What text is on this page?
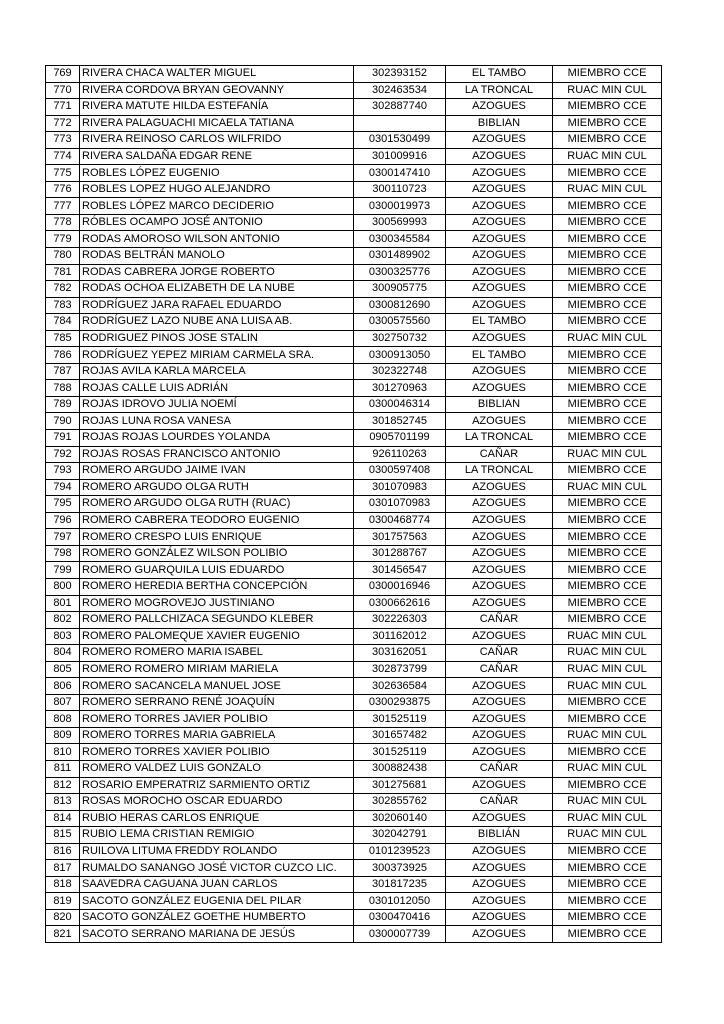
769	RIVERA CHACA WALTER MIGUEL	302393152	EL TAMBO	MIEMBRO CCE
770	RIVERA CORDOVA BRYAN GEOVANNY	302463534	LA TRONCAL	RUAC MIN CUL
771	RIVERA MATUTE HILDA ESTEFANÍA	302887740	AZOGUES	MIEMBRO CCE
772	RIVERA PALAGUACHI MICAELA TATIANA		BIBLIAN	MIEMBRO CCE
773	RIVERA REINOSO CARLOS WILFRIDO	0301530499	AZOGUES	MIEMBRO CCE
774	RIVERA SALDAÑA EDGAR RENE	301009916	AZOGUES	RUAC MIN CUL
775	ROBLES LÓPEZ EUGENIO	0300147410	AZOGUES	MIEMBRO CCE
776	ROBLES LOPEZ HUGO ALEJANDRO	300110723	AZOGUES	RUAC MIN CUL
777	ROBLES LÓPEZ MARCO DECIDERIO	0300019973	AZOGUES	MIEMBRO CCE
778	RÓBLES OCAMPO JOSÉ ANTONIO	300569993	AZOGUES	MIEMBRO CCE
779	RODAS AMOROSO WILSON ANTONIO	0300345584	AZOGUES	MIEMBRO CCE
780	RODAS BELTRÁN MANOLO	0301489902	AZOGUES	MIEMBRO CCE
781	RODAS CABRERA JORGE ROBERTO	0300325776	AZOGUES	MIEMBRO CCE
782	RODAS OCHOA ELIZABETH DE LA NUBE	300905775	AZOGUES	MIEMBRO CCE
783	RODRÍGUEZ JARA RAFAEL EDUARDO	0300812690	AZOGUES	MIEMBRO CCE
784	RODRÍGUEZ LAZO NUBE ANA LUISA AB.	0300575560	EL TAMBO	MIEMBRO CCE
785	RODRIGUEZ PINOS JOSE STALIN	302750732	AZOGUES	RUAC MIN CUL
786	RODRÍGUEZ YEPEZ MIRIAM CARMELA SRA.	0300913050	EL TAMBO	MIEMBRO CCE
787	ROJAS AVILA KARLA MARCELA	302322748	AZOGUES	MIEMBRO CCE
788	ROJAS CALLE LUIS ADRIÁN	301270963	AZOGUES	MIEMBRO CCE
789	ROJAS IDROVO JULIA NOEMÍ	0300046314	BIBLIAN	MIEMBRO CCE
790	ROJAS LUNA ROSA VANESA	301852745	AZOGUES	MIEMBRO CCE
791	ROJAS ROJAS LOURDES YOLANDA	0905701199	LA TRONCAL	MIEMBRO CCE
792	ROJAS ROSAS FRANCISCO ANTONIO	926110263	CAÑAR	RUAC MIN CUL
793	ROMERO ARGUDO JAIME IVAN	0300597408	LA TRONCAL	MIEMBRO CCE
794	ROMERO ARGUDO OLGA RUTH	301070983	AZOGUES	RUAC MIN CUL
795	ROMERO ARGUDO OLGA RUTH (RUAC)	0301070983	AZOGUES	MIEMBRO CCE
796	ROMERO CABRERA TEODORO EUGENIO	0300468774	AZOGUES	MIEMBRO CCE
797	ROMERO CRESPO LUIS ENRIQUE	301757563	AZOGUES	MIEMBRO CCE
798	ROMERO GONZÁLEZ WILSON POLIBIO	301288767	AZOGUES	MIEMBRO CCE
799	ROMERO GUARQUILA LUIS EDUARDO	301456547	AZOGUES	MIEMBRO CCE
800	ROMERO HEREDIA BERTHA CONCEPCIÓN	0300016946	AZOGUES	MIEMBRO CCE
801	ROMERO MOGROVEJO JUSTINIANO	0300662616	AZOGUES	MIEMBRO CCE
802	ROMERO PALLCHIZACA SEGUNDO KLEBER	302226303	CAÑAR	MIEMBRO CCE
803	ROMERO PALOMEQUE XAVIER EUGENIO	301162012	AZOGUES	RUAC MIN CUL
804	ROMERO ROMERO MARIA ISABEL	303162051	CAÑAR	RUAC MIN CUL
805	ROMERO ROMERO MIRIAM MARIELA	302873799	CAÑAR	RUAC MIN CUL
806	ROMERO SACANCELA MANUEL JOSE	302636584	AZOGUES	RUAC MIN CUL
807	ROMERO SERRANO RENÉ JOAQUÍN	0300293875	AZOGUES	MIEMBRO CCE
808	ROMERO TORRES JAVIER POLIBIO	301525119	AZOGUES	MIEMBRO CCE
809	ROMERO TORRES MARIA GABRIELA	301657482	AZOGUES	RUAC MIN CUL
810	ROMERO TORRES XAVIER POLIBIO	301525119	AZOGUES	MIEMBRO CCE
811	ROMERO VALDEZ LUIS GONZALO	300882438	CAÑAR	RUAC MIN CUL
812	ROSARIO EMPERATRIZ SARMIENTO ORTIZ	301275681	AZOGUES	MIEMBRO CCE
813	ROSAS MOROCHO OSCAR EDUARDO	302855762	CAÑAR	RUAC MIN CUL
814	RUBIO HERAS CARLOS ENRIQUE	302060140	AZOGUES	RUAC MIN CUL
815	RUBIO LEMA CRISTIAN REMIGIO	302042791	BIBLIÁN	RUAC MIN CUL
816	RUILOVA LITUMA FREDDY ROLANDO	0101239523	AZOGUES	MIEMBRO CCE
817	RUMALDO SANANGO JOSÉ VICTOR CUZCO LIC.	300373925	AZOGUES	MIEMBRO CCE
818	SAAVEDRA CAGUANA JUAN CARLOS	301817235	AZOGUES	MIEMBRO CCE
819	SACOTO GONZÁLEZ EUGENIA DEL PILAR	0301012050	AZOGUES	MIEMBRO CCE
820	SACOTO GONZÁLEZ GOETHE HUMBERTO	0300470416	AZOGUES	MIEMBRO CCE
821	SACOTO SERRANO MARIANA DE JESÚS	0300007739	AZOGUES	MIEMBRO CCE
